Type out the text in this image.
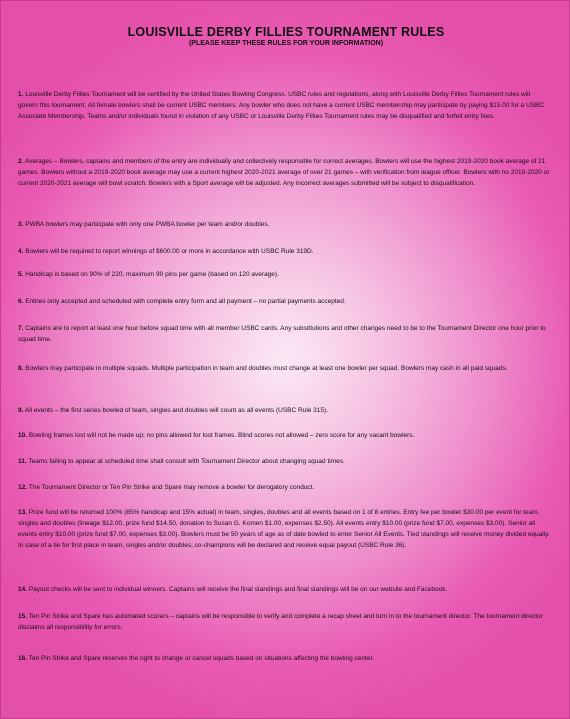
LOUISVILLE DERBY FILLIES TOURNAMENT RULES
(PLEASE KEEP THESE RULES FOR YOUR INFORMATION)

1. Louisville Derby Fillies Tournament will be certified by the United States Bowling Congress. USBC rules and regulations, along with Louisville Derby Fillies Tournament rules will govern this tournament. All female bowlers shall be current USBC members. Any bowler who does not have a current USBC membership may participate by paying $15.00 for a USBC Associate Membership. Teams and/or individuals found in violation of any USBC or Louisville Derby Fillies Tournament rules may be disqualified and forfeit entry fees.

2. Averages – Bowlers, captains and members of the entry are individually and collectively responsible for correct averages. Bowlers will use the highest 2019-2020 book average of 21 games. Bowlers without a 2019-2020 book average may use a current highest 2020-2021 average of over 21 games – with verification from league officer. Bowlers with no 2019-2020 or current 2020-2021 average will bowl scratch. Bowlers with a Sport average will be adjusted. Any incorrect averages submitted will be subject to disqualification.

3. PWBA bowlers may participate with only one PWBA bowler per team and/or doubles.

4. Bowlers will be required to report winnings of $600.00 or more in accordance with USBC Rule 319D.

5. Handicap is based on 90% of 220, maximum 90 pins per game (based on 120 average).

6. Entries only accepted and scheduled with complete entry form and all payment – no partial payments accepted.

7. Captains are to report at least one hour before squad time with all member USBC cards. Any substitutions and other changes need to be to the Tournament Director one hour prior to squad time.

8. Bowlers may participate in multiple squads. Multiple participation in team and doubles must change at least one bowler per squad. Bowlers may cash in all paid squads.

9. All events – the first series bowled of team, singles and doubles will count as all events (USBC Rule 315).

10. Bowling frames lost will not be made up; no pins allowed for lost frames. Blind scores not allowed – zero score for any vacant bowlers.

11. Teams failing to appear at scheduled time shall consult with Tournament Director about changing squad times.

12. The Tournament Director or Ten Pin Strike and Spare may remove a bowler for derogatory conduct.

13. Prize fund will be returned 100% (85% handicap and 15% actual) in team, singles, doubles and all events based on 1 of 8 entries. Entry fee per bowler $30.00 per event for team, singles and doubles (lineage $12.00, prize fund $14.50, donation to Susan G. Komen $1.00, expenses $2.50). All events entry $10.00 (prize fund $7.00, expenses $3.00). Senior all events entry $10.00 (prize fund $7.00, expenses $3.00). Bowlers must be 50 years of age as of date bowled to enter Senior All Events. Tied standings will receive money divided equally. In case of a tie for first place in team, singles and/or doubles, co-champions will be declared and receive equal payout (USBC Rule 36).

14. Payout checks will be sent to individual winners. Captains will receive the final standings and final standings will be on our website and Facebook.

15. Ten Pin Strike and Spare has automated scorers – captains will be responsible to verify and complete a recap sheet and turn in to the tournament director. The tournament director disclaims all responsibility for errors.

16. Ten Pin Strike and Spare reserves the right to change or cancel squads based on situations affecting the bowling center.
